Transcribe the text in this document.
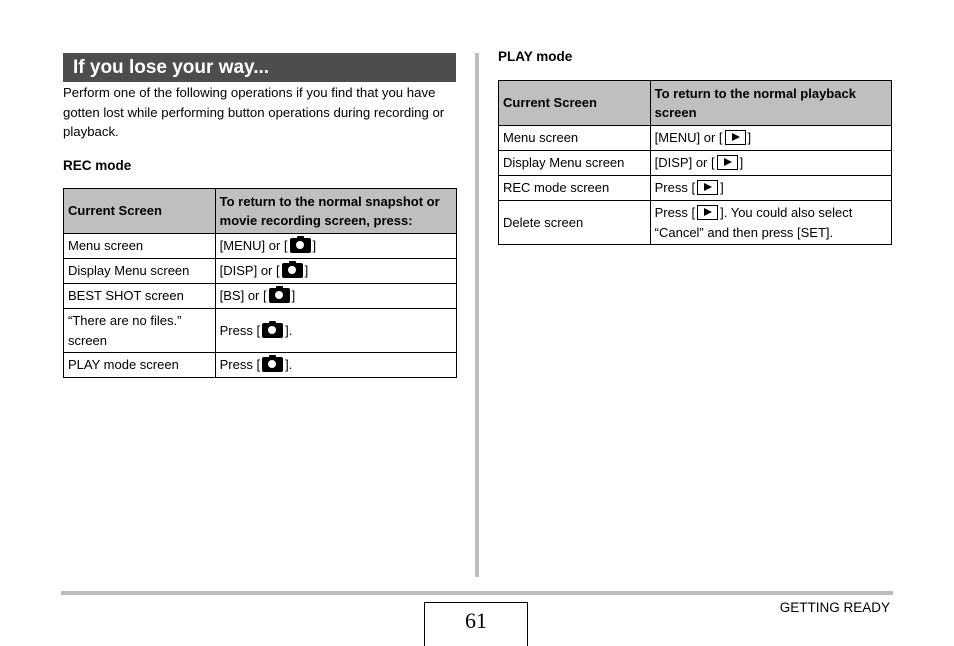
If you lose your way...
Perform one of the following operations if you find that you have gotten lost while performing button operations during recording or playback.
REC mode
Current Screen	To return to the normal snapshot or movie recording screen, press:
Menu screen	[MENU] or [ ]
Display Menu screen	[DISP] or [ ]
BEST SHOT screen	[BS] or [ ]
“There are no files.” screen	Press [ ].
PLAY mode screen	Press [ ].
PLAY mode
Current Screen	To return to the normal playback screen
Menu screen	[MENU] or [ ]
Display Menu screen	[DISP] or [ ]
REC mode screen	Press [ ]
Delete screen	Press [ ]. You could also select “Cancel” and then press [SET].
61
GETTING READY
